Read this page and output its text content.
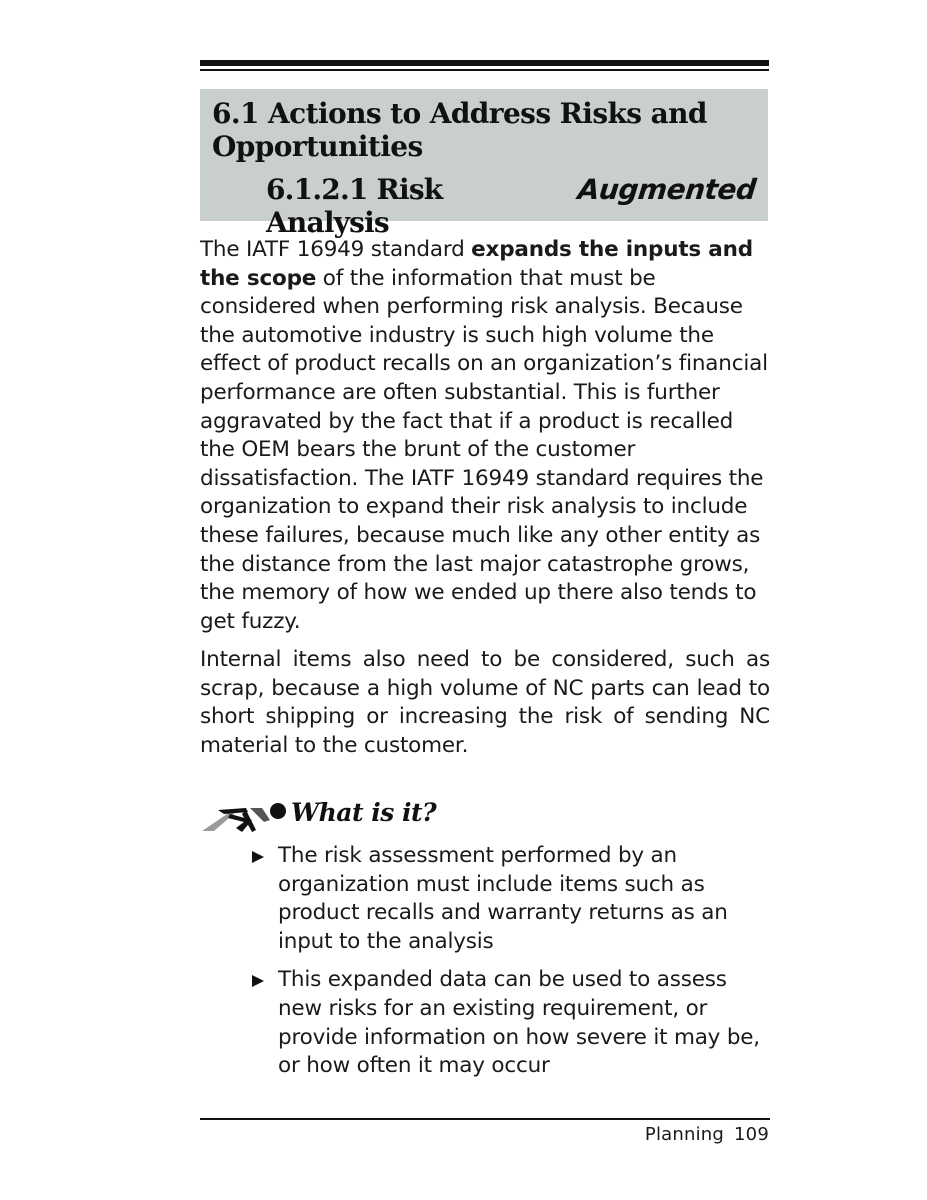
6.1 Actions to Address Risks and Opportunities
6.1.2.1 Risk Analysis
Augmented

The IATF 16949 standard expands the inputs and the scope of the information that must be considered when performing risk analysis. Because the automotive industry is such high volume the effect of product recalls on an organization’s financial performance are often substantial. This is further aggravated by the fact that if a product is recalled the OEM bears the brunt of the customer dissatisfaction. The IATF 16949 standard requires the organization to expand their risk analysis to include these failures, because much like any other entity as the distance from the last major catastrophe grows, the memory of how we ended up there also tends to get fuzzy.

Internal items also need to be considered, such as scrap, because a high volume of NC parts can lead to short shipping or increasing the risk of sending NC material to the customer.

What is it?
The risk assessment performed by an organization must include items such as product recalls and warranty returns as an input to the analysis
This expanded data can be used to assess new risks for an existing requirement, or provide information on how severe it may be, or how often it may occur
Planning 109
